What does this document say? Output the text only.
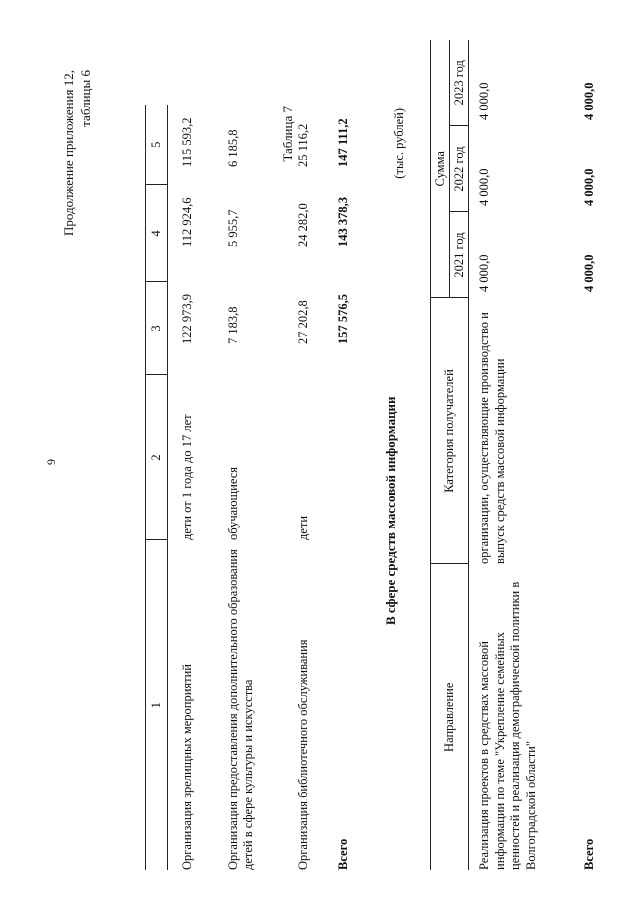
9
Продолжение приложения 12, таблицы 6
1	2	3	4	5
Организация зрелищных мероприятий	дети от 1 года до 17 лет	122 973,9	112 924,6	115 593,2
Организация предоставления дополнительного образования детей в сфере культуры и искусства	обучающиеся	7 183,8	5 955,7	6 185,8
Организация библиотечного обслуживания	дети	27 202,8	24 282,0	25 116,2
Всего		157 576,5	143 378,3	147 111,2
Таблица 7
В сфере средств массовой информации
(тыс. рублей)
Направление	Категория получателей	Сумма		
		2021 год	2022 год	2023 год
Реализация проектов в средствах массовой информации по теме "Укрепление семейных ценностей и реализация демографической политики в Волгоградской области"	организации, осуществляющие производство и выпуск средств массовой информации	4 000,0	4 000,0	4 000,0
Всего		4 000,0	4 000,0	4 000,0
